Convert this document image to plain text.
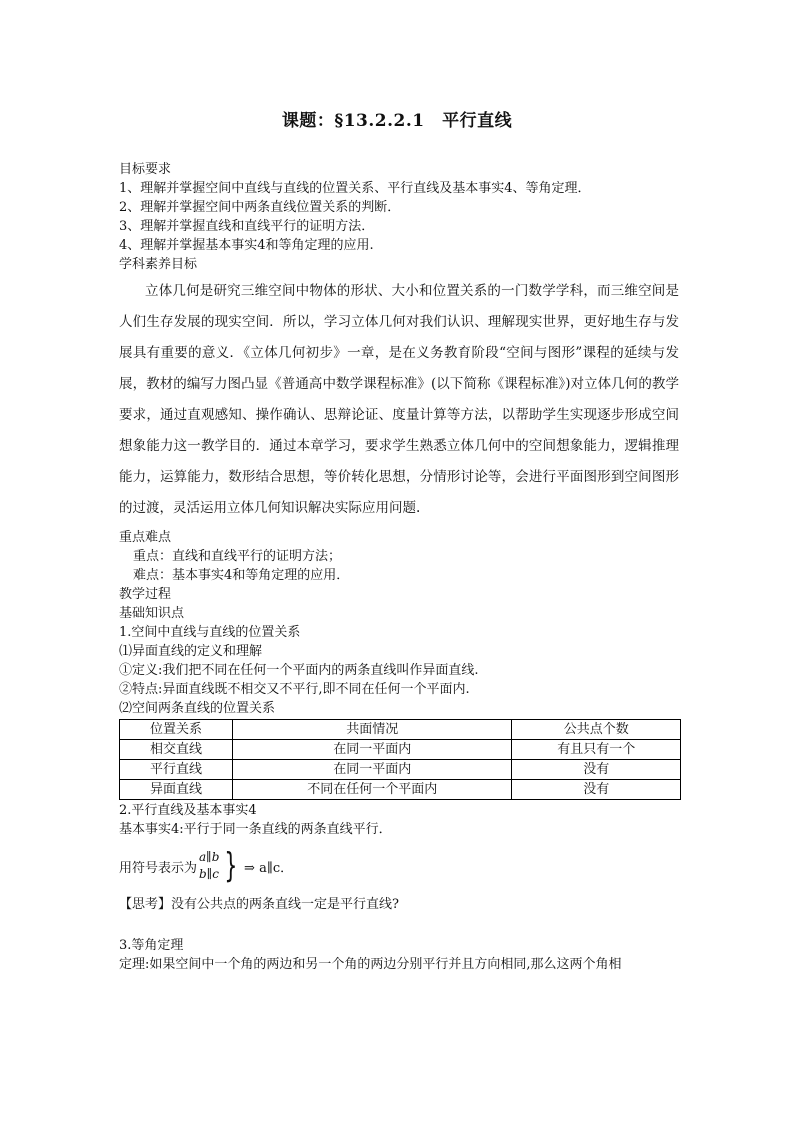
课题：§13.2.2.1　平行直线
目标要求
1、理解并掌握空间中直线与直线的位置关系、平行直线及基本事实4、等角定理．
2、理解并掌握空间中两条直线位置关系的判断．
3、理解并掌握直线和直线平行的证明方法．
4、理解并掌握基本事实4和等角定理的应用.
学科素养目标
立体几何是研究三维空间中物体的形状、大小和位置关系的一门数学学科，而三维空间是人们生存发展的现实空间．所以，学习立体几何对我们认识、理解现实世界，更好地生存与发展具有重要的意义．《立体几何初步》一章，是在义务教育阶段“空间与图形”课程的延续与发展，教材的编写力图凸显《普通高中数学课程标准》(以下简称《课程标准》)对立体几何的教学要求，通过直观感知、操作确认、思辩论证、度量计算等方法，以帮助学生实现逐步形成空间想象能力这一教学目的．通过本章学习，要求学生熟悉立体几何中的空间想象能力，逻辑推理能力，运算能力，数形结合思想，等价转化思想，分情形讨论等，会进行平面图形到空间图形的过渡，灵活运用立体几何知识解决实际应用问题.
重点难点
重点：直线和直线平行的证明方法；
难点：基本事实4和等角定理的应用．
教学过程
基础知识点
1.空间中直线与直线的位置关系
⑴异面直线的定义和理解
①定义:我们把不同在任何一个平面内的两条直线叫作异面直线.
②特点:异面直线既不相交又不平行,即不同在任何一个平面内.
⑵空间两条直线的位置关系
位置关系	共面情况	公共点个数
相交直线	在同一平面内	有且只有一个
平行直线	在同一平面内	没有
异面直线	不同在任何一个平面内	没有
2.平行直线及基本事实4
基本事实4:平行于同一条直线的两条直线平行．
用符号表示为
a∥b
b∥c } ⇒ a∥c．
【思考】没有公共点的两条直线一定是平行直线?
3.等角定理
定理:如果空间中一个角的两边和另一个角的两边分别平行并且方向相同,那么这两个角相
